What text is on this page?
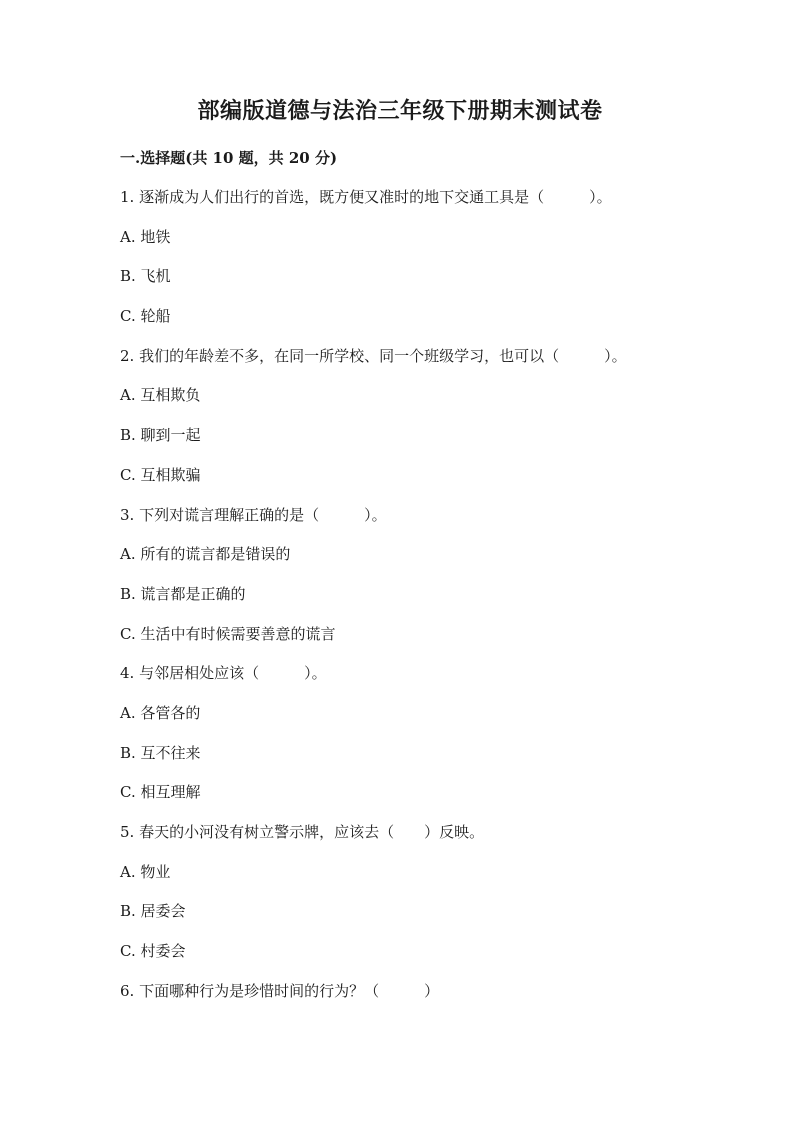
部编版道德与法治三年级下册期末测试卷
一.选择题(共 10 题，共 20 分)
1. 逐渐成为人们出行的首选，既方便又准时的地下交通工具是（　　　）。
A. 地铁
B. 飞机
C. 轮船
2. 我们的年龄差不多，在同一所学校、同一个班级学习，也可以（　　　）。
A. 互相欺负
B. 聊到一起
C. 互相欺骗
3. 下列对谎言理解正确的是（　　　）。
A. 所有的谎言都是错误的
B. 谎言都是正确的
C. 生活中有时候需要善意的谎言
4. 与邻居相处应该（　　　）。
A. 各管各的
B. 互不往来
C. 相互理解
5. 春天的小河没有树立警示牌，应该去（　　）反映。
A. 物业
B. 居委会
C. 村委会
6. 下面哪种行为是珍惜时间的行为？（　　　）
